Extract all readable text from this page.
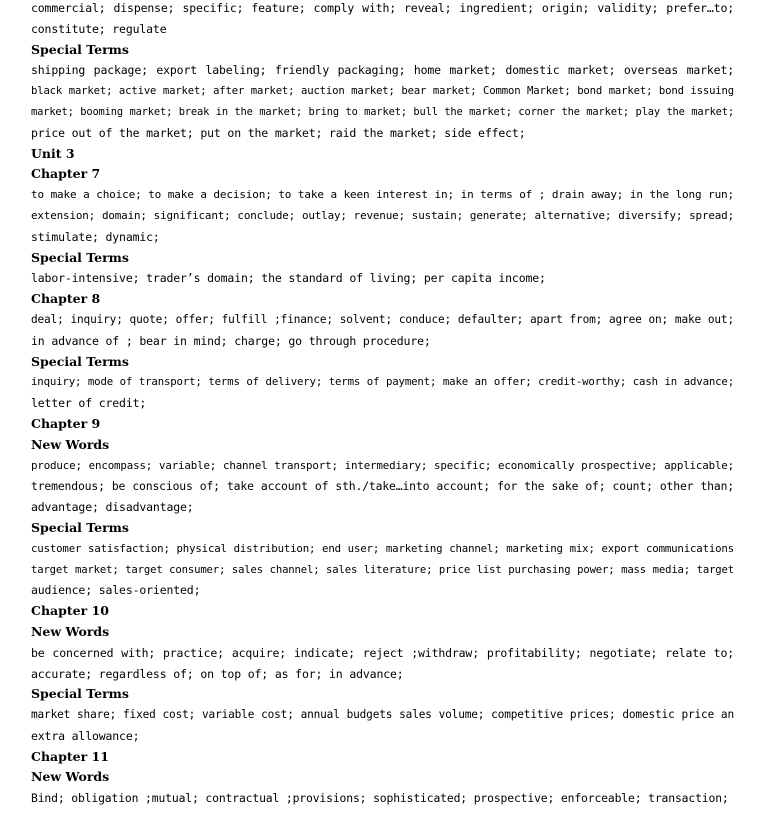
commercial; dispense; specific; feature; comply with; reveal; ingredient; origin; validity; prefer…to;
constitute; regulate
Special Terms
shipping package; export labeling; friendly packaging; home market; domestic market; overseas market;
black market; active market; after market; auction market; bear market; Common Market; bond market; bond issuing
market; booming market; break in the market; bring to market; bull the market; corner the market; play the market;
price out of the market; put on the market; raid the market; side effect;
Unit 3
Chapter 7
to make a choice; to make a decision; to take a keen interest in; in terms of ; drain away; in the long run;
extension; domain; significant; conclude; outlay; revenue; sustain; generate; alternative; diversify; spread;
stimulate; dynamic;
Special Terms
labor-intensive; trader’s domain; the standard of living; per capita income;
Chapter 8
deal; inquiry; quote; offer; fulfill ;finance; solvent; conduce; defaulter; apart from; agree on; make out;
in advance of ; bear in mind; charge; go through procedure;
Special Terms
inquiry; mode of transport; terms of delivery; terms of payment; make an offer; credit-worthy; cash in advance;
letter of credit;
Chapter 9
New Words
produce; encompass; variable; channel transport; intermediary; specific; economically prospective; applicable;
tremendous; be conscious of; take account of sth./take…into account; for the sake of; count; other than;
advantage; disadvantage;
Special Terms
customer satisfaction; physical distribution; end user; marketing channel; marketing mix; export communications
target market; target consumer; sales channel; sales literature; price list purchasing power; mass media; target
audience; sales-oriented;
Chapter 10
New Words
be concerned with; practice; acquire; indicate; reject ;withdraw; profitability; negotiate; relate to;
accurate; regardless of; on top of; as for; in advance;
Special Terms
market share; fixed cost; variable cost; annual budgets sales volume; competitive prices; domestic price an
extra allowance;
Chapter 11
New Words
Bind; obligation ;mutual; contractual ;provisions; sophisticated; prospective; enforceable; transaction;
